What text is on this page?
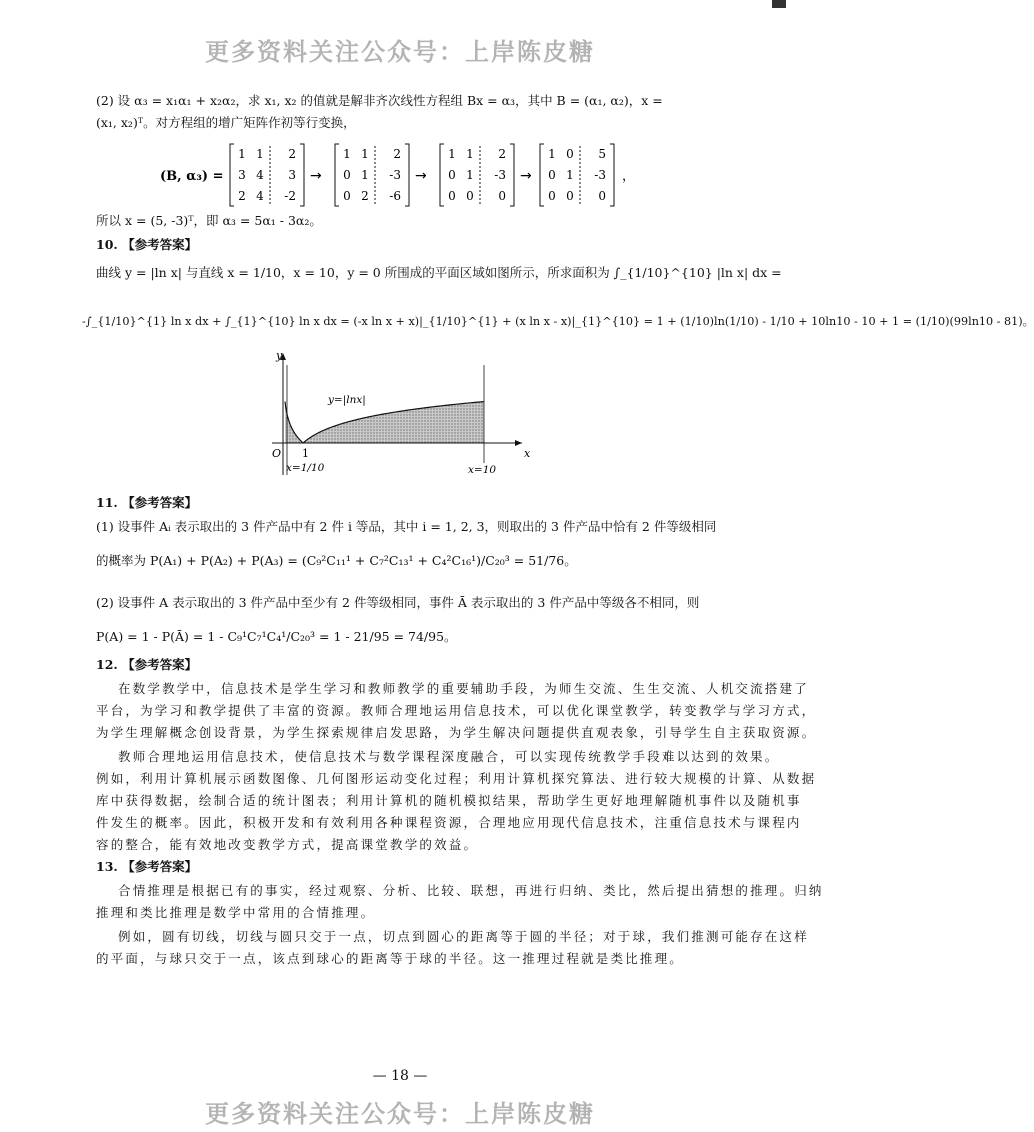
更多资料关注公众号：上岸陈皮糖
(2) 设 α₃ = x₁α₁ + x₂α₂，求 x₁, x₂ 的值就是解非齐次线性方程组 Bx = α₃，其中 B = (α₁, α₂)，x =
(x₁, x₂)ᵀ。对方程组的增广矩阵作初等行变换，
(B, α₃) =
1 1 2
3 4 3
2 4 -2
→
1 1 2
0 1 -3
0 2 -6
→
1 1 2
0 1 -3
0 0 0
→
1 0 5
0 1 -3
0 0 0
，
所以 x = (5, -3)ᵀ，即 α₃ = 5α₁ - 3α₂。
10. 【参考答案】
曲线 y = |ln x| 与直线 x = 1/10，x = 10，y = 0 所围成的平面区域如图所示，所求面积为 ∫_{1/10}^{10} |ln x| dx =
-∫_{1/10}^{1} ln x dx + ∫_{1}^{10} ln x dx = (-x ln x + x)|_{1/10}^{1} + (x ln x - x)|_{1}^{10} = 1 + (1/10)ln(1/10) - 1/10 + 10ln10 - 10 + 1 = (1/10)(99ln10 - 81)。
y
x
O 1
y=|lnx|
x=1/10	x=10
11. 【参考答案】
(1) 设事件 Aᵢ 表示取出的 3 件产品中有 2 件 i 等品，其中 i = 1, 2, 3，则取出的 3 件产品中恰有 2 件等级相同
的概率为 P(A₁) + P(A₂) + P(A₃) = (C₉²C₁₁¹ + C₇²C₁₃¹ + C₄²C₁₆¹)/C₂₀³ = 51/76。
(2) 设事件 A 表示取出的 3 件产品中至少有 2 件等级相同，事件 Ā 表示取出的 3 件产品中等级各不相同，则
P(A) = 1 - P(Ā) = 1 - C₉¹C₇¹C₄¹/C₂₀³ = 1 - 21/95 = 74/95。
12. 【参考答案】
在数学教学中，信息技术是学生学习和教师教学的重要辅助手段，为师生交流、生生交流、人机交流搭建了
平台，为学习和教学提供了丰富的资源。教师合理地运用信息技术，可以优化课堂教学，转变教学与学习方式，
为学生理解概念创设背景，为学生探索规律启发思路，为学生解决问题提供直观表象，引导学生自主获取资源。
教师合理地运用信息技术，使信息技术与数学课程深度融合，可以实现传统教学手段难以达到的效果。
例如，利用计算机展示函数图像、几何图形运动变化过程；利用计算机探究算法、进行较大规模的计算、从数据
库中获得数据，绘制合适的统计图表；利用计算机的随机模拟结果，帮助学生更好地理解随机事件以及随机事
件发生的概率。因此，积极开发和有效利用各种课程资源，合理地应用现代信息技术，注重信息技术与课程内
容的整合，能有效地改变教学方式，提高课堂教学的效益。
13. 【参考答案】
合情推理是根据已有的事实，经过观察、分析、比较、联想，再进行归纳、类比，然后提出猜想的推理。归纳
推理和类比推理是数学中常用的合情推理。
例如，圆有切线，切线与圆只交于一点，切点到圆心的距离等于圆的半径；对于球，我们推测可能存在这样
的平面，与球只交于一点，该点到球心的距离等于球的半径。这一推理过程就是类比推理。
— 18 —
更多资料关注公众号：上岸陈皮糖
